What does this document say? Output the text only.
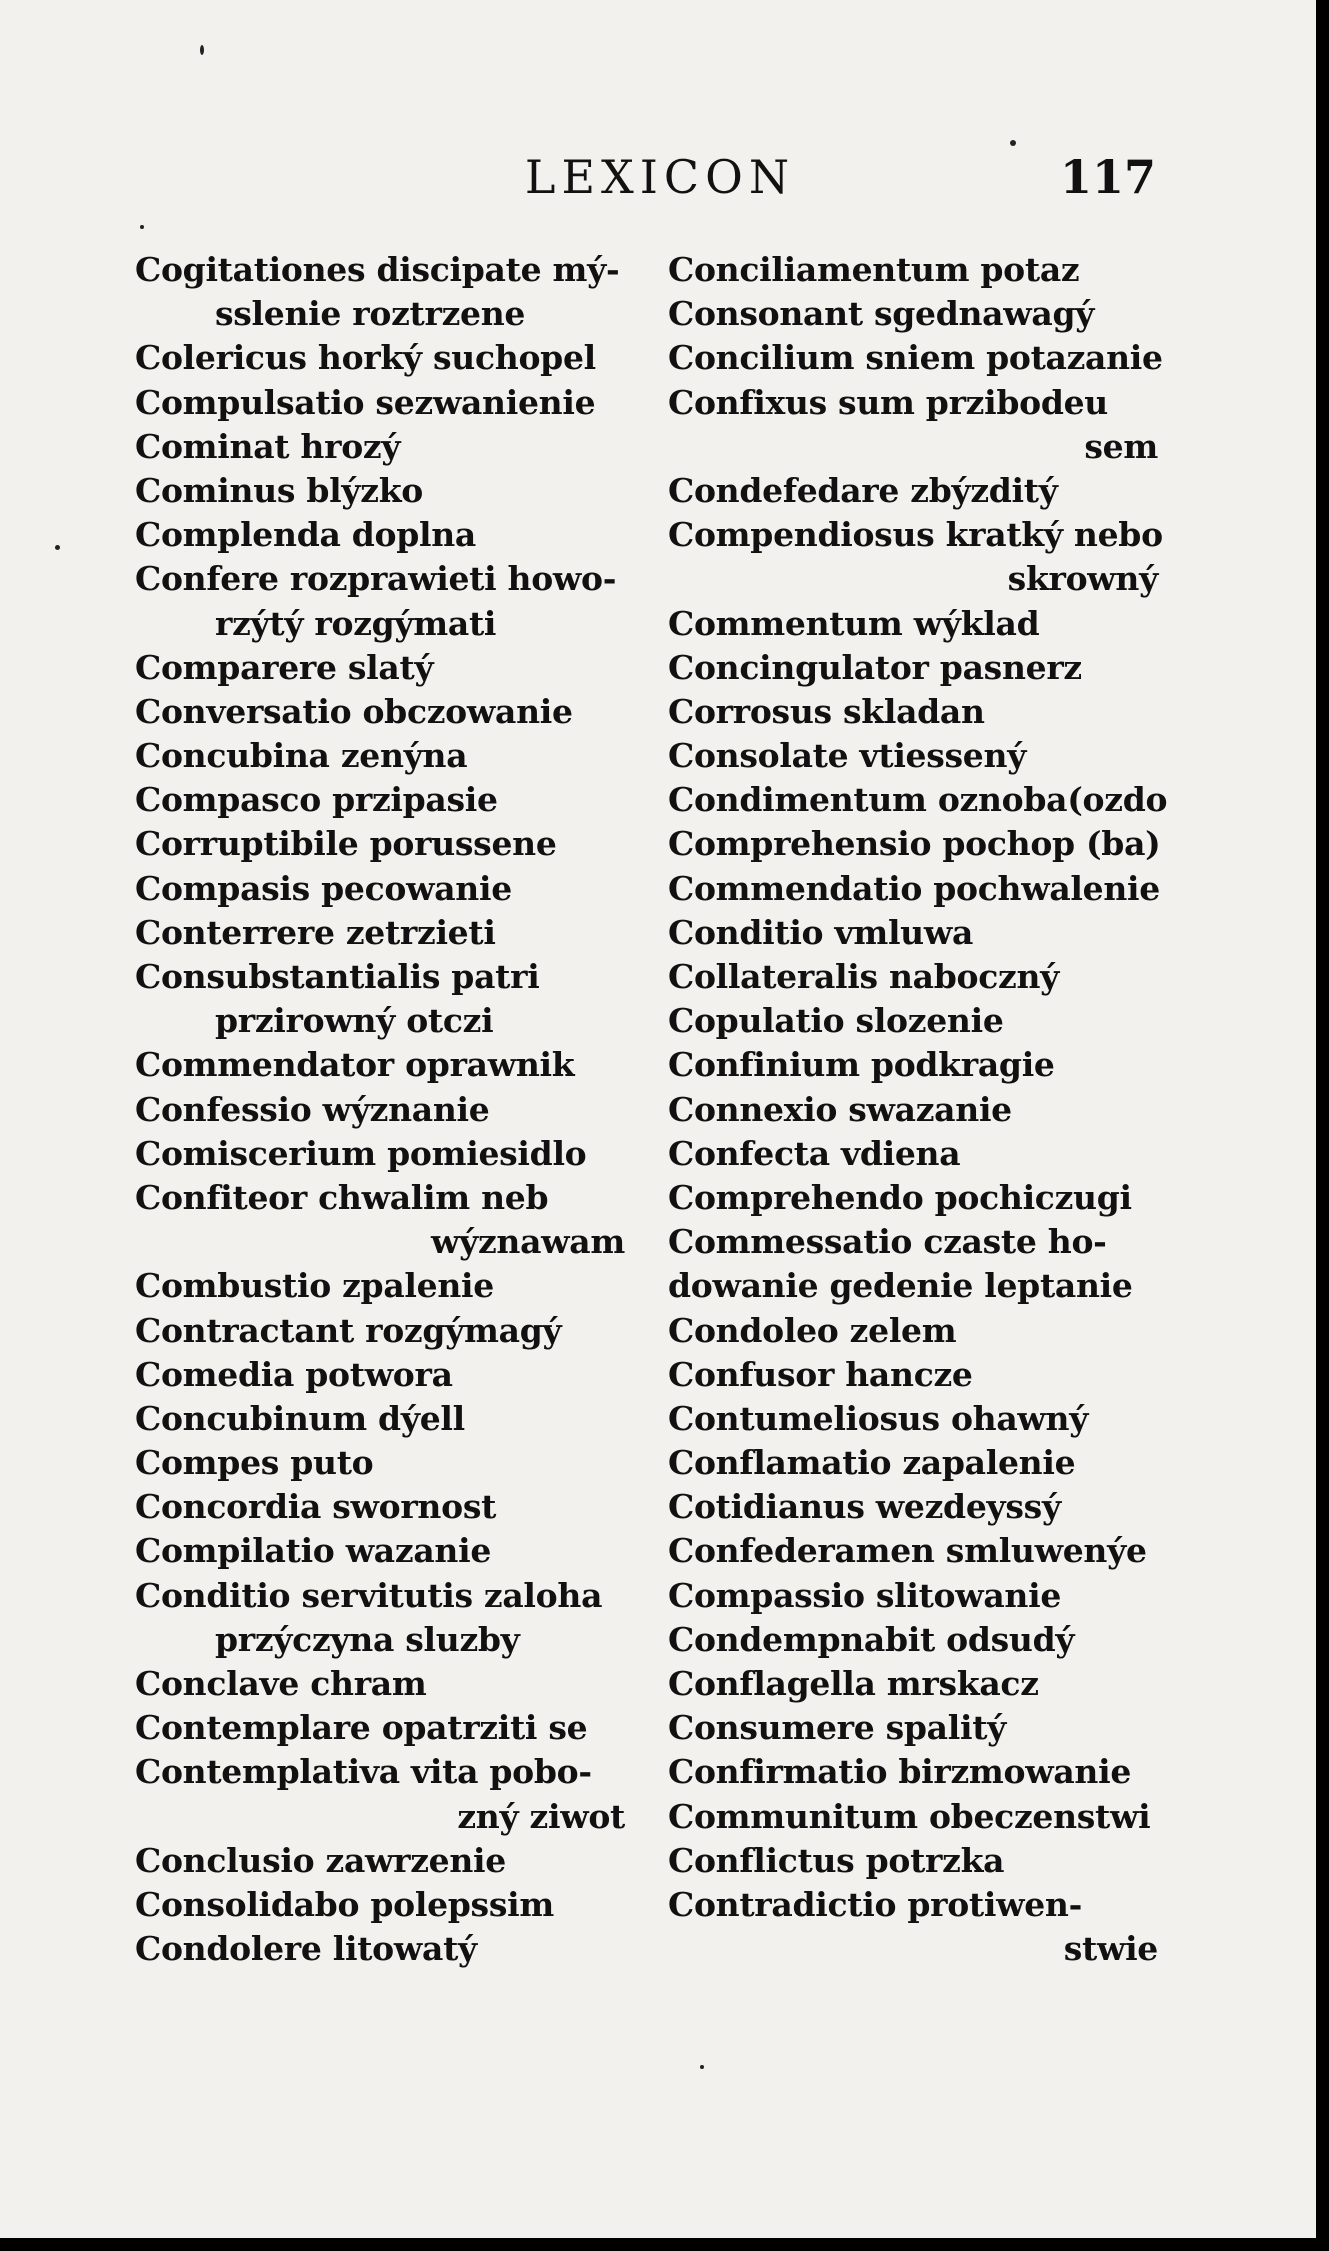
LEXICON	117
Cogitationes discipate mý-
sslenie roztrzene
Colericus horký suchopel
Compulsatio sezwanienie
Cominat hrozý
Cominus blýzko
Complenda doplna
Confere rozprawieti howo-
rzýtý rozgýmati
Comparere slatý
Conversatio obczowanie
Concubina zenýna
Compasco przipasie
Corruptibile porussene
Compasis pecowanie
Conterrere zetrzieti
Consubstantialis patri
przirowný otczi
Commendator oprawnik
Confessio wýznanie
Comiscerium pomiesidlo
Confiteor chwalim neb
wýznawam
Combustio zpalenie
Contractant rozgýmagý
Comedia potwora
Concubinum dýell
Compes puto
Concordia swornost
Compilatio wazanie
Conditio servitutis zaloha
przýczyna sluzby
Conclave chram
Contemplare opatrziti se
Contemplativa vita pobo-
zný ziwot
Conclusio zawrzenie
Consolidabo polepssim
Condolere litowatý
Conciliamentum potaz
Consonant sgednawagý
Concilium sniem potazanie
Confixus sum przibodeu
sem
Condefedare zbýzditý
Compendiosus kratký nebo
skrowný
Commentum wýklad
Concingulator pasnerz
Corrosus skladan
Consolate vtiessený
Condimentum oznoba(ozdo
Comprehensio pochop (ba)
Commendatio pochwalenie
Conditio vmluwa
Collateralis naboczný
Copulatio slozenie
Confinium podkragie
Connexio swazanie
Confecta vdiena
Comprehendo pochiczugi
Commessatio czaste ho-
dowanie gedenie leptanie
Condoleo zelem
Confusor hancze
Contumeliosus ohawný
Conflamatio zapalenie
Cotidianus wezdeyssý
Confederamen smluwenýe
Compassio slitowanie
Condempnabit odsudý
Conflagella mrskacz
Consumere spalitý
Confirmatio birzmowanie
Communitum obeczenstwi
Conflictus potrzka
Contradictio protiwen-
stwie
